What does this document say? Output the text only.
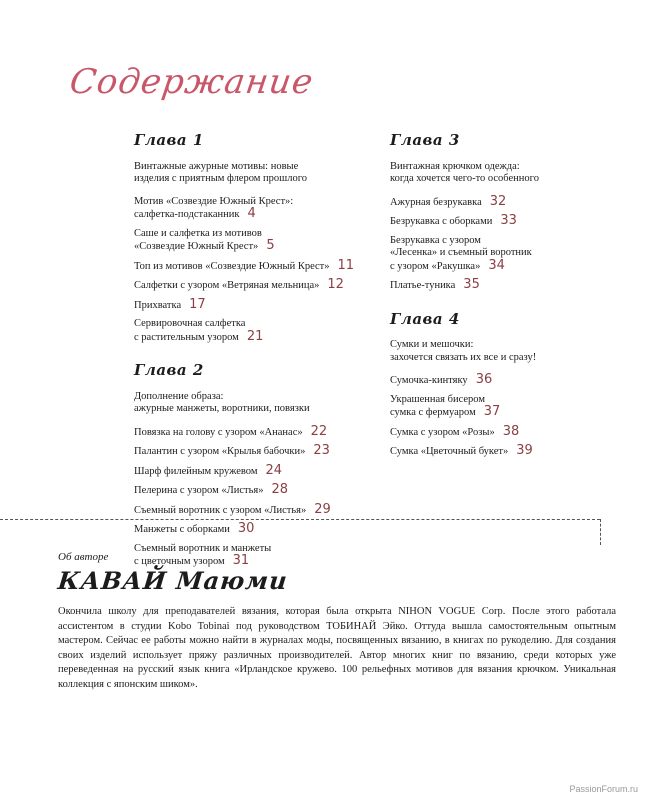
Содержание
Глава 1
Винтажные ажурные мотивы: новые
изделия с приятным флером прошлого
Мотив «Созвездие Южный Крест»:
салфетка-подстаканник 4
Саше и салфетка из мотивов
«Созвездие Южный Крест» 5
Топ из мотивов «Созвездие Южный Крест» 11
Салфетки с узором «Ветряная мельница» 12
Прихватка 17
Сервировочная салфетка
с растительным узором 21
Глава 2
Дополнение образа:
ажурные манжеты, воротники, повязки
Повязка на голову с узором «Ананас» 22
Палантин с узором «Крылья бабочки» 23
Шарф филейным кружевом 24
Пелерина с узором «Листья» 28
Съемный воротник с узором «Листья» 29
Манжеты с оборками 30
Съемный воротник и манжеты
с цветочным узором 31
Глава 3
Винтажная крючком одежда:
когда хочется чего-то особенного
Ажурная безрукавка 32
Безрукавка с оборками 33
Безрукавка с узором
«Лесенка» и съемный воротник
с узором «Ракушка» 34
Платье-туника 35
Глава 4
Сумки и мешочки:
захочется связать их все и сразу!
Сумочка-кинтяку 36
Украшенная бисером
сумка с фермуаром 37
Сумка с узором «Розы» 38
Сумка «Цветочный букет» 39
Об авторе
КАВАЙ Маюми
Окончила школу для преподавателей вязания, которая была открыта NIHON VOGUE Corp. После этого работала ассистентом в студии Kobo Tobinai под руководством ТОБИНАЙ Эйко. Оттуда вышла самостоятельным опытным мастером. Сейчас ее работы можно найти в журналах моды, посвященных вязанию, в книгах по рукоделию. Для создания своих изделий использует пряжу различных производителей. Автор многих книг по вязанию, среди которых уже переведенная на русский язык книга «Ирландское кружево. 100 рельефных мотивов для вязания крючком. Уникальная коллекция с японским шиком».
PassionForum.ru
